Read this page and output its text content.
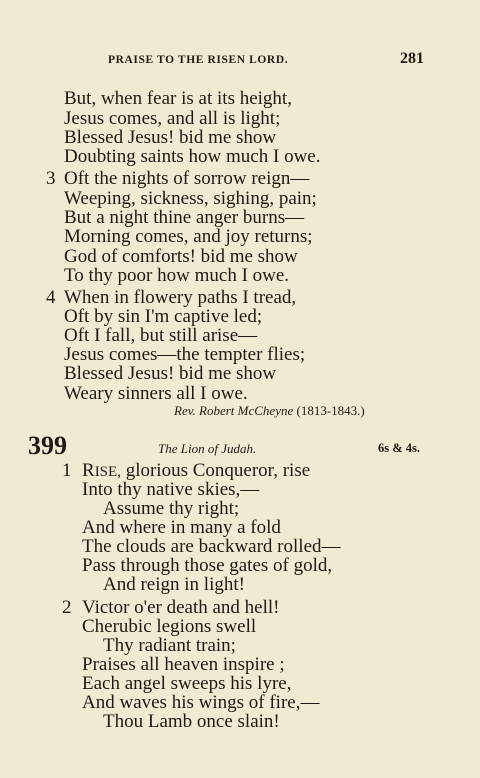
PRAISE TO THE RISEN LORD.	281
But, when fear is at its height,
Jesus comes, and all is light;
Blessed Jesus! bid me show
Doubting saints how much I owe.
3 Oft the nights of sorrow reign—
Weeping, sickness, sighing, pain;
But a night thine anger burns—
Morning comes, and joy returns;
God of comforts! bid me show
To thy poor how much I owe.
4 When in flowery paths I tread,
Oft by sin I'm captive led;
Oft I fall, but still arise—
Jesus comes—the tempter flies;
Blessed Jesus! bid me show
Weary sinners all I owe.
Rev. Robert McCheyne (1813-1843.)
399	The Lion of Judah.	6s & 4s.
1 RISE, glorious Conqueror, rise
Into thy native skies,—
Assume thy right;
And where in many a fold
The clouds are backward rolled—
Pass through those gates of gold,
And reign in light!
2 Victor o'er death and hell!
Cherubic legions swell
Thy radiant train;
Praises all heaven inspire ;
Each angel sweeps his lyre,
And waves his wings of fire,—
Thou Lamb once slain!
